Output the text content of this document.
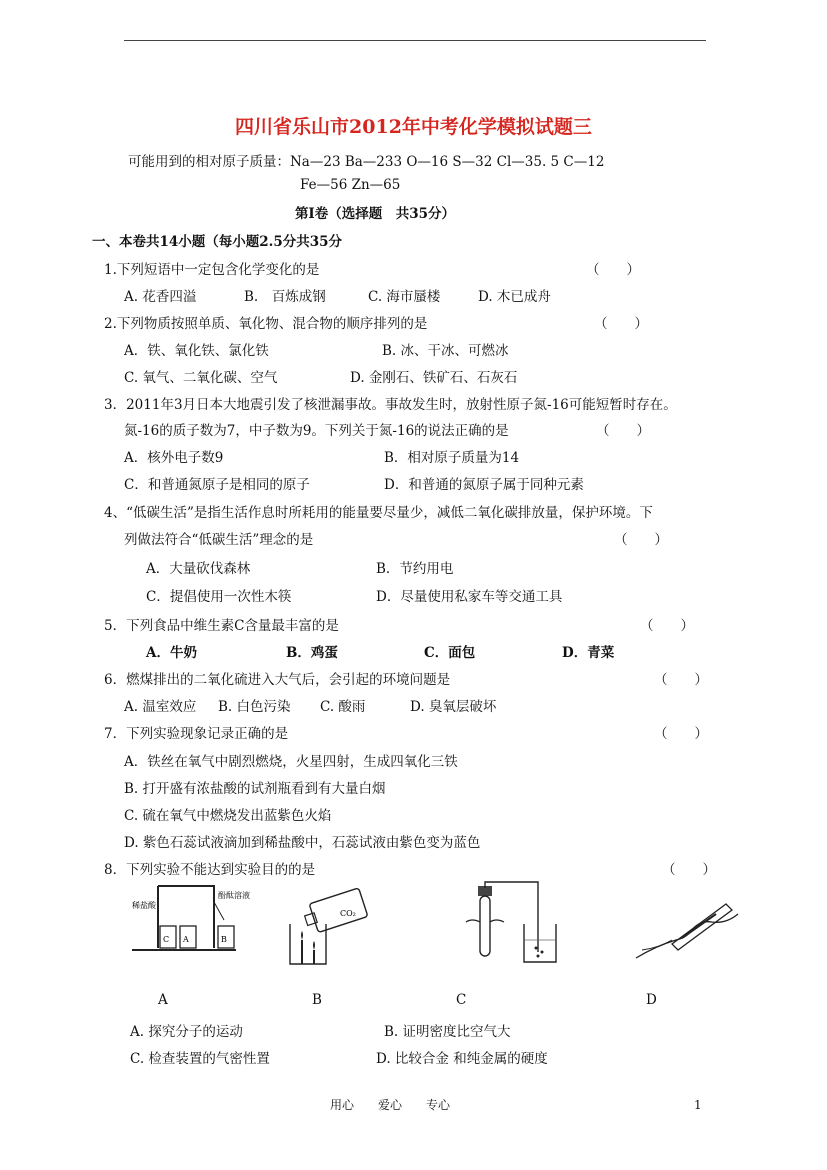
四川省乐山市2012年中考化学模拟试题三
可能用到的相对原子质量：Na—23 Ba—233 O—16 S—32 Cl—35. 5 C—12
Fe—56 Zn—65
第Ⅰ卷（选择题　共35分）
一、本卷共14小题（每小题2.5分共35分
1.下列短语中一定包含化学变化的是	（　　）
A. 花香四溢	B.　百炼成钢	C. 海市蜃楼	D. 木已成舟
2.下列物质按照单质、氧化物、混合物的顺序排列的是	（　　）
A．铁、氧化铁、氯化铁	B. 冰、干冰、可燃冰
C. 氧气、二氧化碳、空气	D. 金刚石、铁矿石、石灰石
3．2011年3月日本大地震引发了核泄漏事故。事故发生时，放射性原子氮-16可能短暂时存在。
氮-16的质子数为7，中子数为9。下列关于氮-16的说法正确的是	（　　）
A．核外电子数9	B．相对原子质量为14
C．和普通氮原子是相同的原子	D．和普通的氮原子属于同种元素
4、“低碳生活”是指生活作息时所耗用的能量要尽量少，减低二氧化碳排放量，保护环境。下
列做法符合“低碳生活”理念的是	（　　）
A．大量砍伐森林	B．节约用电
C．提倡使用一次性木筷	D．尽量使用私家车等交通工具
5．下列食品中维生素C含量最丰富的是	（　　）
A．牛奶	B．鸡蛋	C．面包	D．青菜
6．燃煤排出的二氧化硫进入大气后，会引起的环境问题是	（　　）
A. 温室效应 B. 白色污染 C. 酸雨	D. 臭氧层破坏
7．下列实验现象记录正确的是	（　　）
A．铁丝在氧气中剧烈燃烧，火星四射，生成四氧化三铁
B. 打开盛有浓盐酸的试剂瓶看到有大量白烟
C. 硫在氧气中燃烧发出蓝紫色火焰
D. 紫色石蕊试液滴加到稀盐酸中，石蕊试液由紫色变为蓝色
8．下列实验不能达到实验目的的是	（　　）
C A	B
稀盐酸
酚酞溶液
CO₂
A	B	C	D
A. 探究分子的运动	B. 证明密度比空气大
C. 检查装置的气密性置	D. 比较合金 和纯金属的硬度
用心　　爱心　　专心	1
